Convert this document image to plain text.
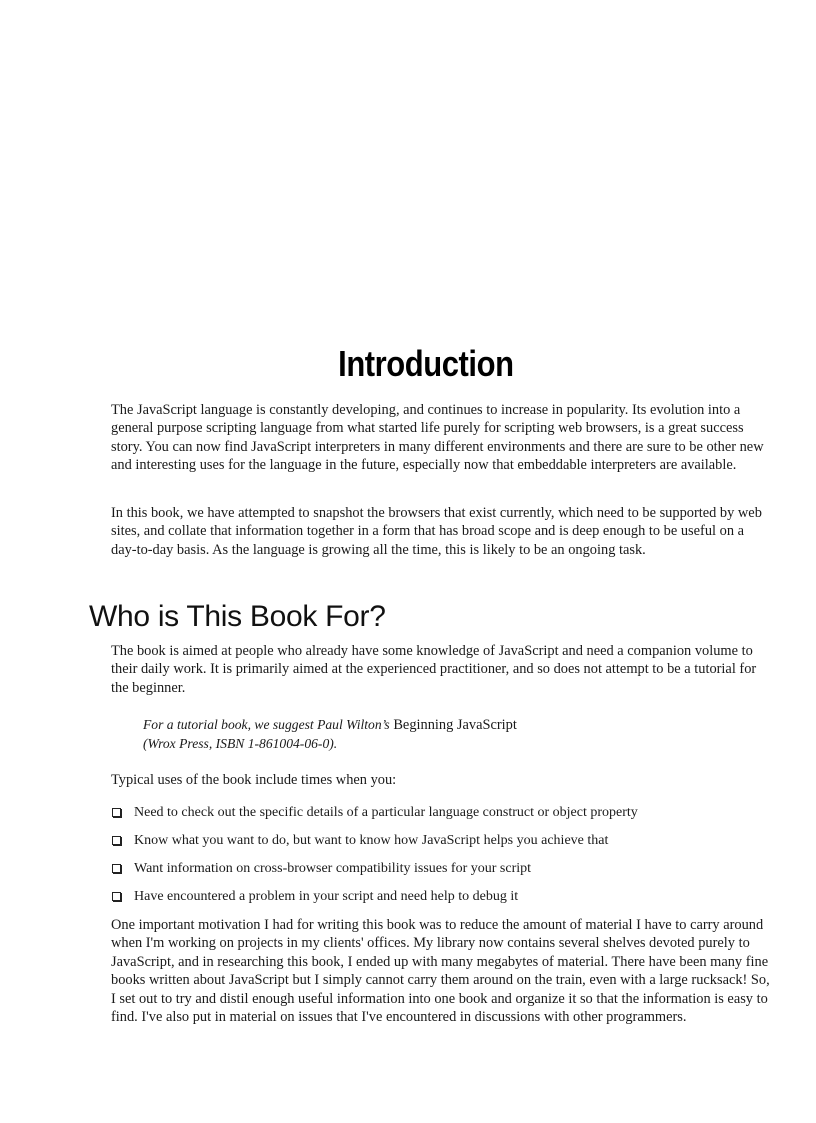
Introduction

The JavaScript language is constantly developing, and continues to increase in popularity. Its evolution into a general purpose scripting language from what started life purely for scripting web browsers, is a great success story. You can now find JavaScript interpreters in many different environments and there are sure to be other new and interesting uses for the language in the future, especially now that embeddable interpreters are available.

In this book, we have attempted to snapshot the browsers that exist currently, which need to be supported by web sites, and collate that information together in a form that has broad scope and is deep enough to be useful on a day-to-day basis. As the language is growing all the time, this is likely to be an ongoing task.

Who is This Book For?

The book is aimed at people who already have some knowledge of JavaScript and need a companion volume to their daily work. It is primarily aimed at the experienced practitioner, and so does not attempt to be a tutorial for the beginner.

For a tutorial book, we suggest Paul Wilton’s Beginning JavaScript
(Wrox Press, ISBN 1-861004-06-0).

Typical uses of the book include times when you:

Need to check out the specific details of a particular language construct or object property
Know what you want to do, but want to know how JavaScript helps you achieve that
Want information on cross-browser compatibility issues for your script
Have encountered a problem in your script and need help to debug it

One important motivation I had for writing this book was to reduce the amount of material I have to carry around when I'm working on projects in my clients' offices. My library now contains several shelves devoted purely to JavaScript, and in researching this book, I ended up with many megabytes of material. There have been many fine books written about JavaScript but I simply cannot carry them around on the train, even with a large rucksack! So, I set out to try and distil enough useful information into one book and organize it so that the information is easy to find. I've also put in material on issues that I've encountered in discussions with other programmers.
